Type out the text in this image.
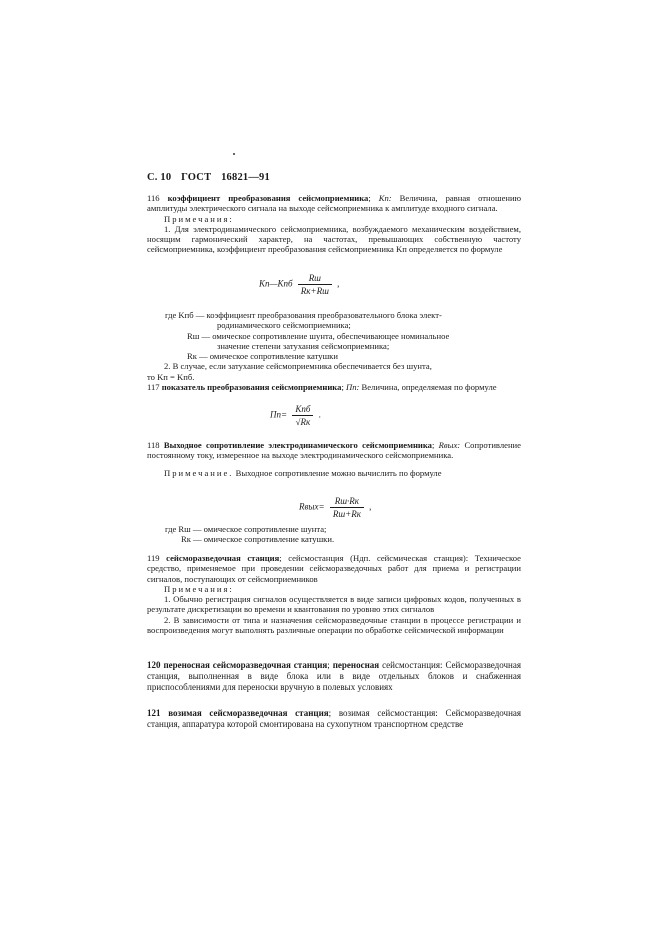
С. 10 ГОСТ 16821—91

116 коэффициент преобразования сейсмоприемника; Kп: Величина, равная отношению амплитуды электрического сигнала на выходе сейсмоприемника к амплитуде входного сигнала.

Примечания:

1. Для электродинамического сейсмоприемника, возбуждаемого механическим воздействием, носящим гармонический характер, на частотах, превышающих собственную частоту сейсмоприемника, коэффициент преобразования сейсмоприемника Kп определяется по формуле

Kп—Kпб $\frac{Rш}{Rк+Rш}$ ,

где Kпб — коэффициент преобразования преобразовательного блока элект-

родинамического сейсмоприемника;

Rш — омическое сопротивление шунта, обеспечивающее номинальное

значение степени затухания сейсмоприемника;

Rк — омическое сопротивление катушки

2. В случае, если затухание сейсмоприемника обеспечивается без шунта,

то Kп = Kпб.

117 показатель преобразования сейсмоприемника; Пп: Величина, определяемая по формуле

$Пп= \frac{\text{Kпб}}{√Rк}$ .

118 Выходное сопротивление электродинамического сейсмоприемника; Rвых: Сопротивление постоянному току, измеренное на выходе электродинамического сейсмоприемника.

Примечание. Выходное сопротивление можно вычислить по формуле

Rвых= $\frac{Rш\cdot Rк}{Rш+Rк}$ ,

где Rш — омическое сопротивление шунта;

Rк — омическое сопротивление катушки.

119 сейсморазведочная станция; сейсмостанция (Ндп. сейсмическая станция): Техническое средство, применяемое при проведении сейсморазведочных работ для приема и регистрации сигналов, поступающих от сейсмоприемников

Примечания:

1. Обычно регистрация сигналов осуществляется в виде записи цифровых кодов, полученных в результате дискретизации во времени и квантования по уровню этих сигналов

2. В зависимости от типа и назначения сейсморазведочные станции в процессе регистрации и воспроизведения могут выполнять различные операции по обработке сейсмической информации

120 переносная сейсморазведочная станция; переносная сейсмостанция: Сейсморазведочная станция, выполненная в виде блока или в виде отдельных блоков и снабженная приспособлениями для переноски вручную в полевых условиях

121 возимая сейсморазведочная станция; возимая сейсмостанция: Сейсморазведочная станция, аппаратура которой смонтирована на сухопутном транспортном средстве
